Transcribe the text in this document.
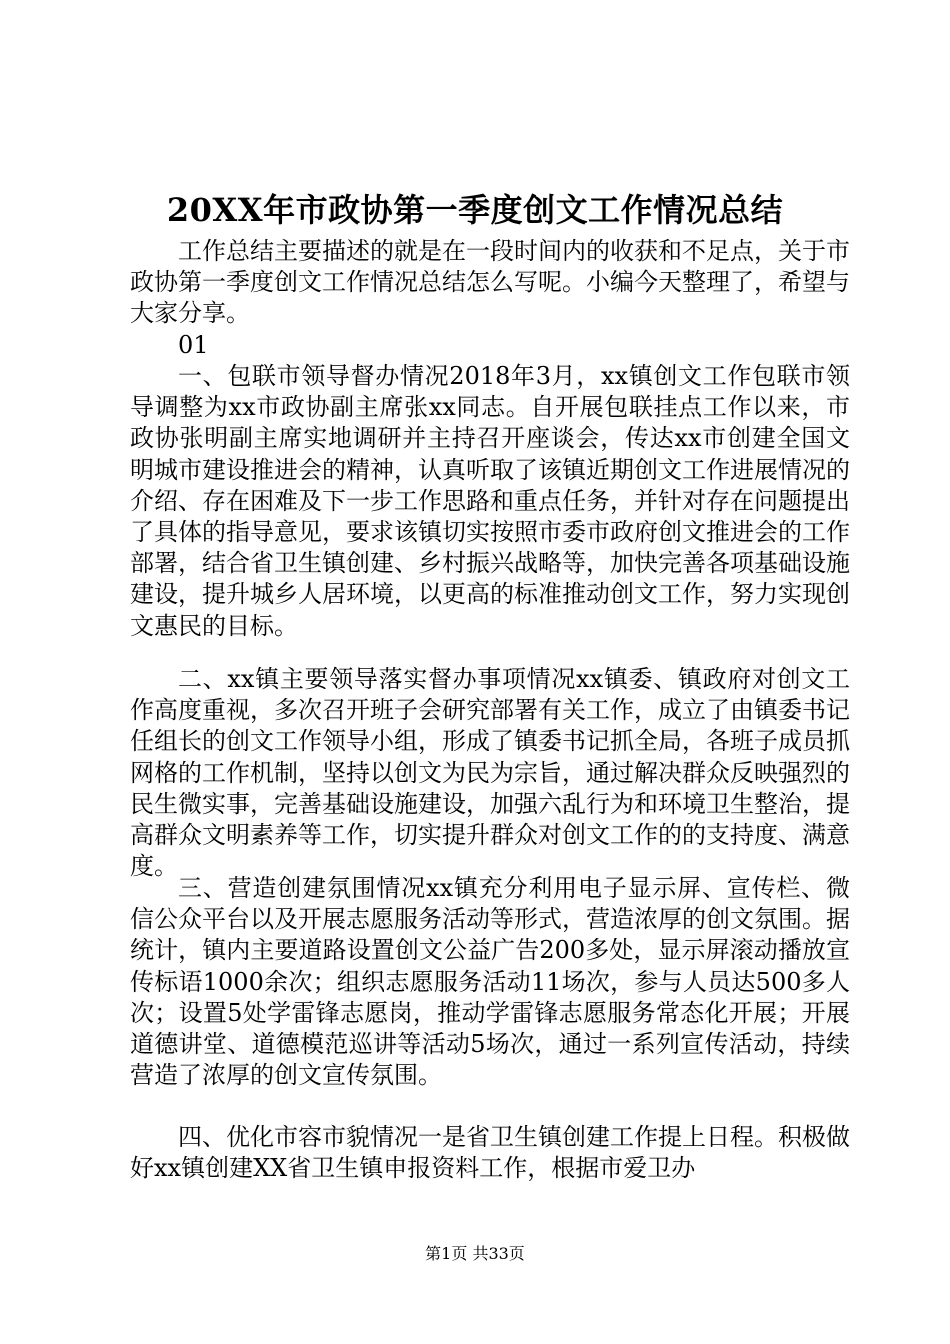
20XX年市政协第一季度创文工作情况总结

工作总结主要描述的就是在一段时间内的收获和不足点，关于市政协第一季度创文工作情况总结怎么写呢。小编今天整理了，希望与大家分享。

01

一、包联市领导督办情况2018年3月，xx镇创文工作包联市领导调整为xx市政协副主席张xx同志。自开展包联挂点工作以来，市政协张明副主席实地调研并主持召开座谈会，传达xx市创建全国文明城市建设推进会的精神，认真听取了该镇近期创文工作进展情况的介绍、存在困难及下一步工作思路和重点任务，并针对存在问题提出了具体的指导意见，要求该镇切实按照市委市政府创文推进会的工作部署，结合省卫生镇创建、乡村振兴战略等，加快完善各项基础设施建设，提升城乡人居环境，以更高的标准推动创文工作，努力实现创文惠民的目标。

二、xx镇主要领导落实督办事项情况xx镇委、镇政府对创文工作高度重视，多次召开班子会研究部署有关工作，成立了由镇委书记任组长的创文工作领导小组，形成了镇委书记抓全局，各班子成员抓网格的工作机制，坚持以创文为民为宗旨，通过解决群众反映强烈的民生微实事，完善基础设施建设，加强六乱行为和环境卫生整治，提高群众文明素养等工作，切实提升群众对创文工作的的支持度、满意度。

三、营造创建氛围情况xx镇充分利用电子显示屏、宣传栏、微信公众平台以及开展志愿服务活动等形式，营造浓厚的创文氛围。据统计，镇内主要道路设置创文公益广告200多处，显示屏滚动播放宣传标语1000余次；组织志愿服务活动11场次，参与人员达500多人次；设置5处学雷锋志愿岗，推动学雷锋志愿服务常态化开展；开展道德讲堂、道德模范巡讲等活动5场次，通过一系列宣传活动，持续营造了浓厚的创文宣传氛围。

四、优化市容市貌情况一是省卫生镇创建工作提上日程。积极做好xx镇创建XX省卫生镇申报资料工作，根据市爱卫办

第1页 共33页
